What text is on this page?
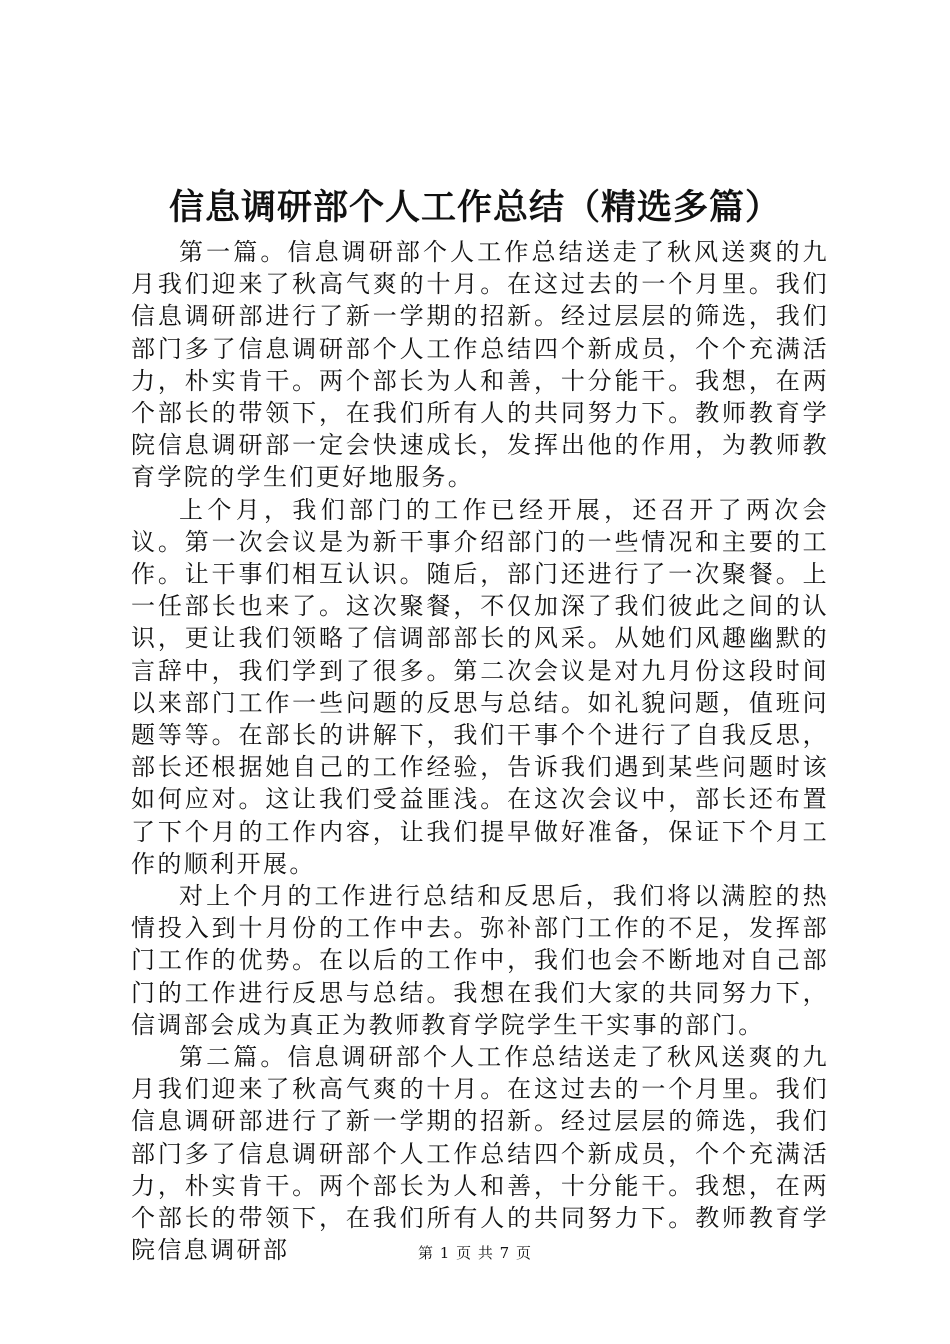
信息调研部个人工作总结（精选多篇）

第一篇。信息调研部个人工作总结送走了秋风送爽的九月我们迎来了秋高气爽的十月。在这过去的一个月里。我们信息调研部进行了新一学期的招新。经过层层的筛选，我们部门多了信息调研部个人工作总结四个新成员，个个充满活力，朴实肯干。两个部长为人和善，十分能干。我想，在两个部长的带领下，在我们所有人的共同努力下。教师教育学院信息调研部一定会快速成长，发挥出他的作用，为教师教育学院的学生们更好地服务。

上个月，我们部门的工作已经开展，还召开了两次会议。第一次会议是为新干事介绍部门的一些情况和主要的工作。让干事们相互认识。随后，部门还进行了一次聚餐。上一任部长也来了。这次聚餐，不仅加深了我们彼此之间的认识，更让我们领略了信调部部长的风采。从她们风趣幽默的言辞中，我们学到了很多。第二次会议是对九月份这段时间以来部门工作一些问题的反思与总结。如礼貌问题，值班问题等等。在部长的讲解下，我们干事个个进行了自我反思，部长还根据她自己的工作经验，告诉我们遇到某些问题时该如何应对。这让我们受益匪浅。在这次会议中，部长还布置了下个月的工作内容，让我们提早做好准备，保证下个月工作的顺利开展。

对上个月的工作进行总结和反思后，我们将以满腔的热情投入到十月份的工作中去。弥补部门工作的不足，发挥部门工作的优势。在以后的工作中，我们也会不断地对自己部门的工作进行反思与总结。我想在我们大家的共同努力下，信调部会成为真正为教师教育学院学生干实事的部门。

第二篇。信息调研部个人工作总结送走了秋风送爽的九月我们迎来了秋高气爽的十月。在这过去的一个月里。我们信息调研部进行了新一学期的招新。经过层层的筛选，我们部门多了信息调研部个人工作总结四个新成员，个个充满活力，朴实肯干。两个部长为人和善，十分能干。我想，在两个部长的带领下，在我们所有人的共同努力下。教师教育学院信息调研部	第 1 页 共 7 页
